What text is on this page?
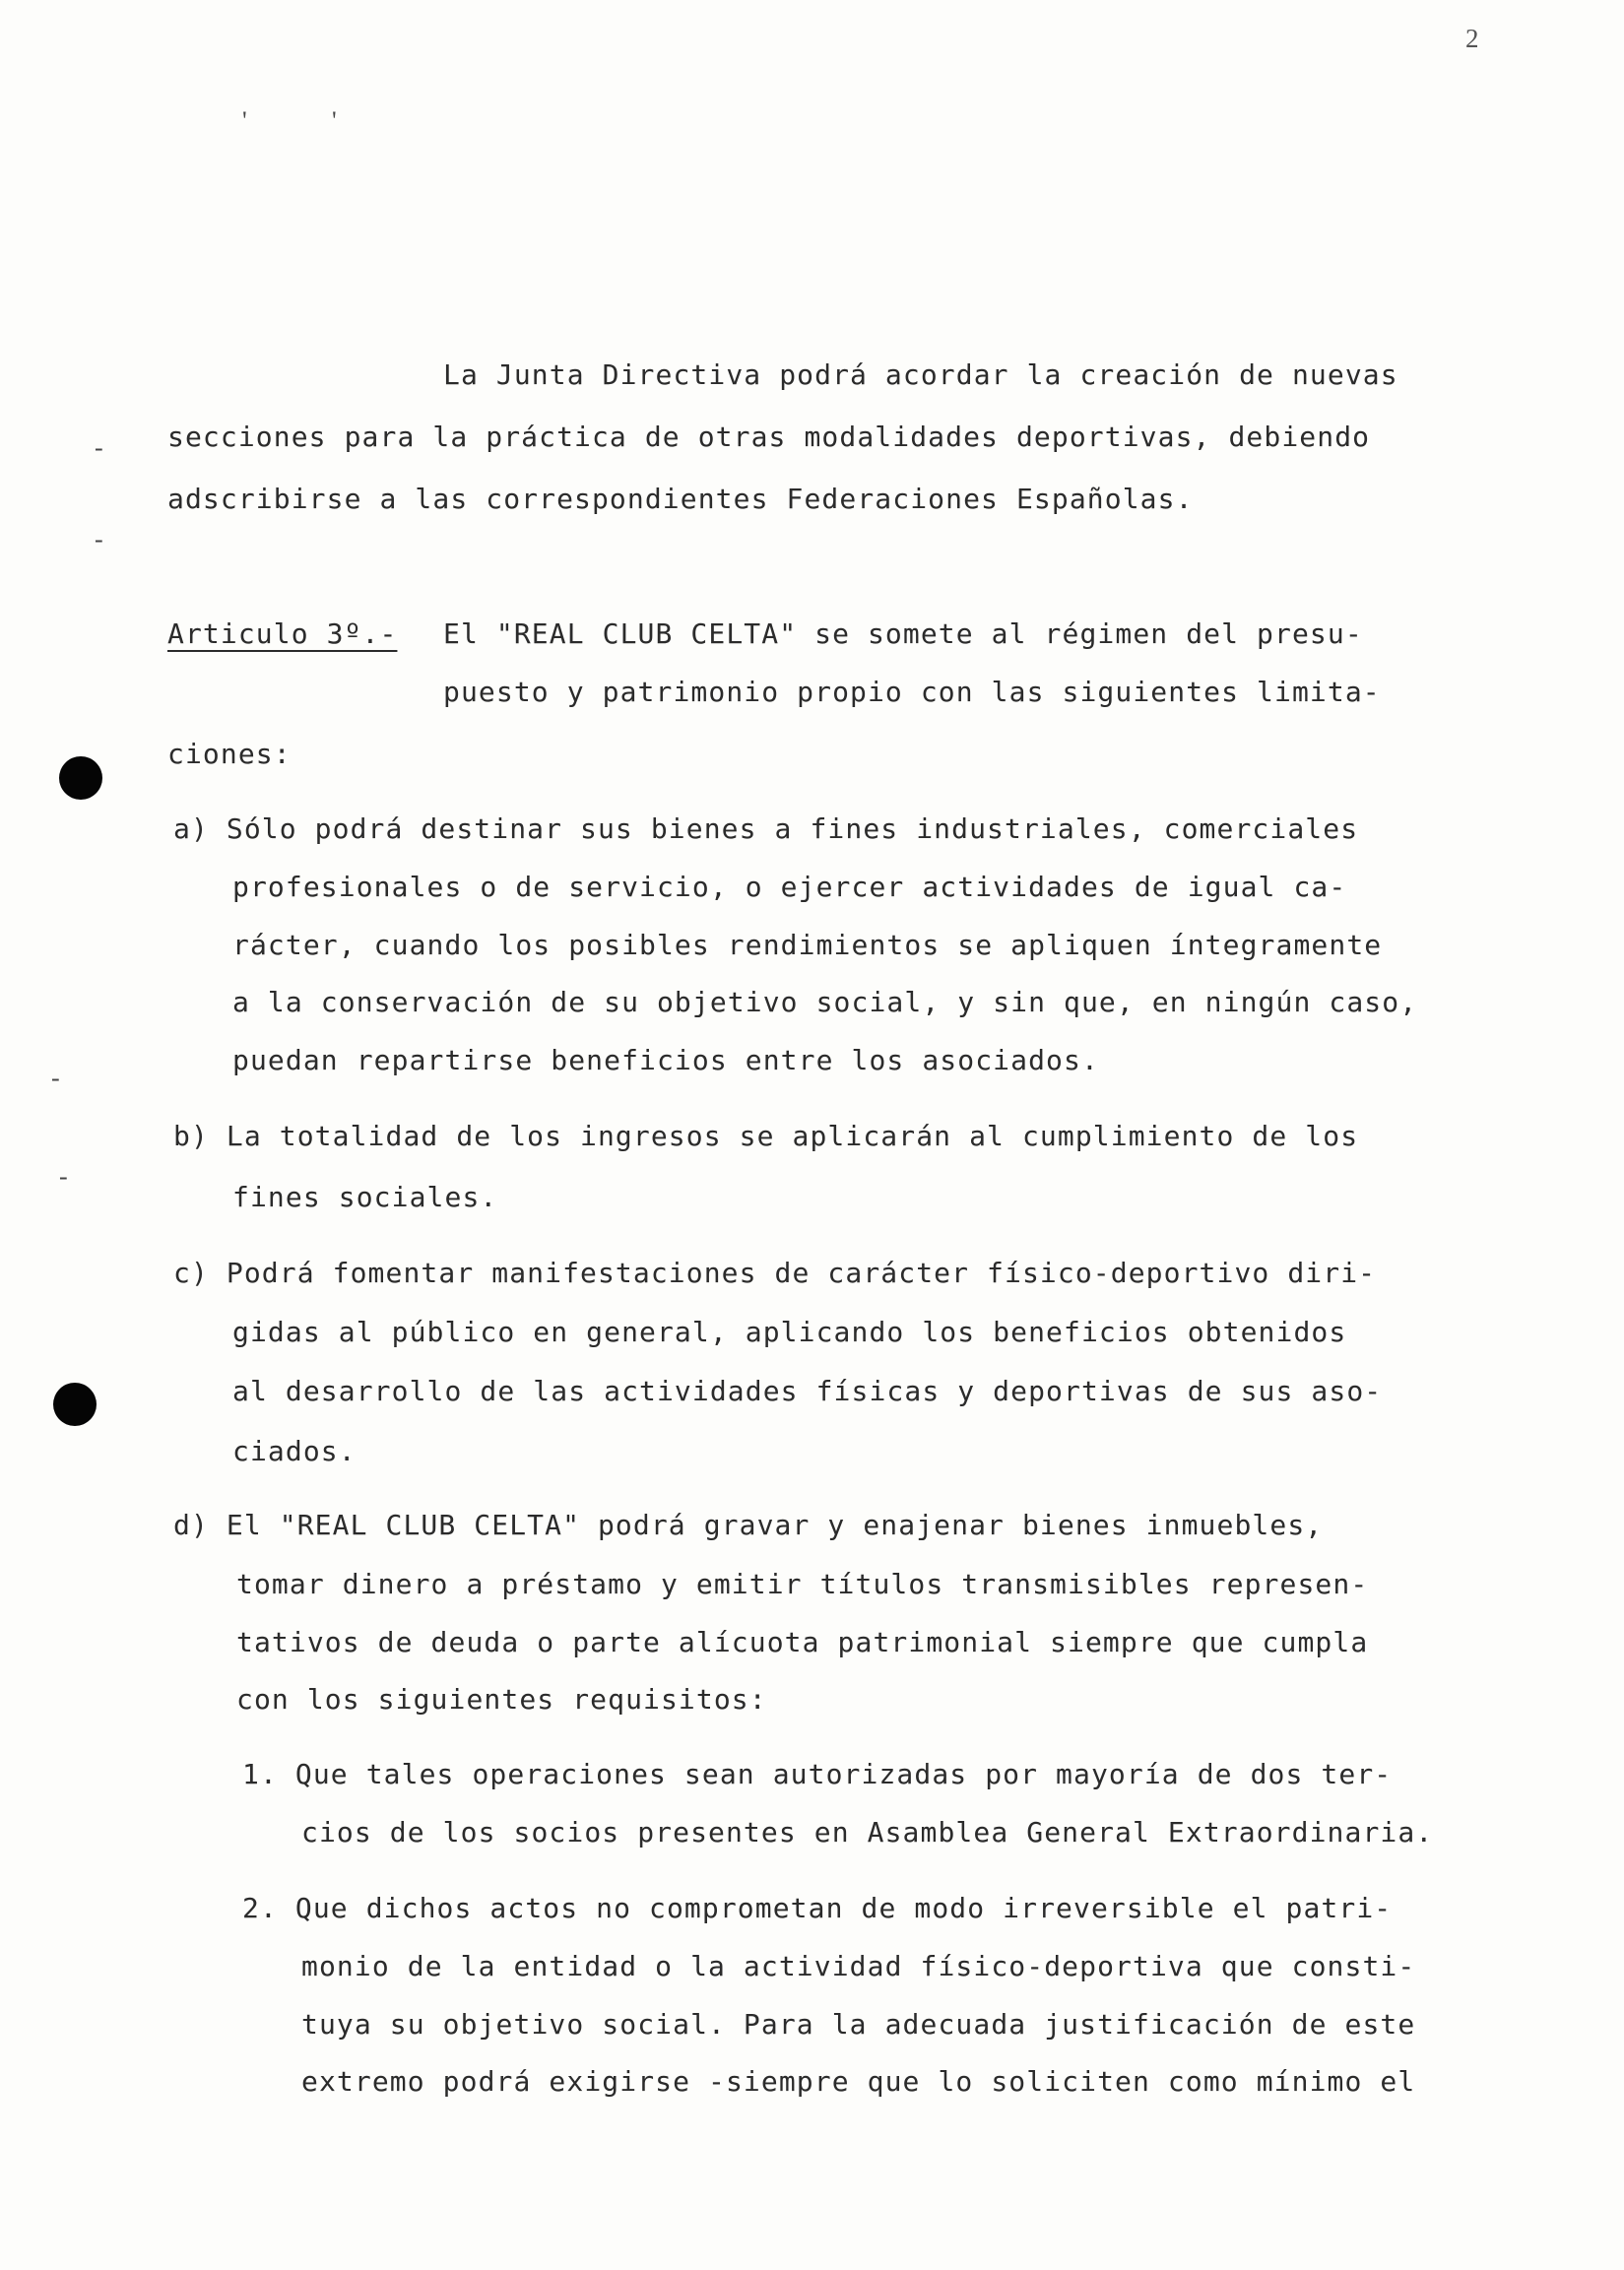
2
'	'
-
-
-
-
La Junta Directiva podrá acordar la creación de nuevas
secciones para la práctica de otras modalidades deportivas, debiendo
adscribirse a las correspondientes Federaciones Españolas.
Articulo 3º.- El "REAL CLUB CELTA" se somete al régimen del presu-
puesto y patrimonio propio con las siguientes limita-
ciones:
a) Sólo podrá destinar sus bienes a fines industriales, comerciales
profesionales o de servicio, o ejercer actividades de igual ca-
rácter, cuando los posibles rendimientos se apliquen íntegramente
a la conservación de su objetivo social, y sin que, en ningún caso,
puedan repartirse beneficios entre los asociados.
b) La totalidad de los ingresos se aplicarán al cumplimiento de los
fines sociales.
c) Podrá fomentar manifestaciones de carácter físico-deportivo diri-
gidas al público en general, aplicando los beneficios obtenidos
al desarrollo de las actividades físicas y deportivas de sus aso-
ciados.
d) El "REAL CLUB CELTA" podrá gravar y enajenar bienes inmuebles,
tomar dinero a préstamo y emitir títulos transmisibles represen-
tativos de deuda o parte alícuota patrimonial siempre que cumpla
con los siguientes requisitos:
1. Que tales operaciones sean autorizadas por mayoría de dos ter-
cios de los socios presentes en Asamblea General Extraordinaria.
2. Que dichos actos no comprometan de modo irreversible el patri-
monio de la entidad o la actividad físico-deportiva que consti-
tuya su objetivo social. Para la adecuada justificación de este
extremo podrá exigirse -siempre que lo soliciten como mínimo el
